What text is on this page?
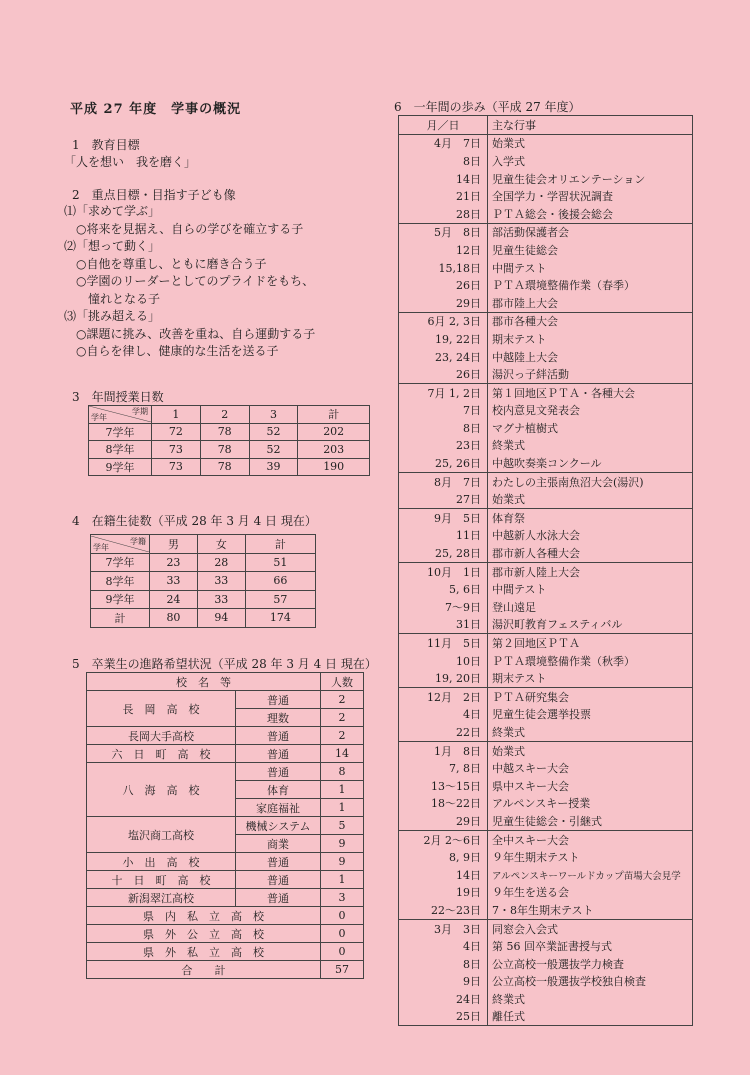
平成 27 年度　学事の概況
1　教育目標
「人を想い　我を磨く」
2　重点目標・目指す子ども像
⑴「求めて学ぶ」
　○将来を見据え、自らの学びを確立する子
⑵「想って動く」
　○自他を尊重し、ともに磨き合う子
　○学園のリーダーとしてのプライドをもち、
　　憧れとなる子
⑶「挑み超える」
　○課題に挑み、改善を重ね、自ら運動する子
　○自らを律し、健康的な生活を送る子
3　年間授業日数
学期
学年	1	2	3	計
7学年	72	78	52	202
8学年	73	78	52	203
9学年	73	78	39	190
4　在籍生徒数（平成 28 年 3 月 4 日 現在）
学籍
学年	男	女	計
7学年	23	28	51
8学年	33	33	66
9学年	24	33	57
計	80	94	174
5　卒業生の進路希望状況（平成 28 年 3 月 4 日 現在）
校　名　等		人数
長　岡　高　校	普通	2
	理数	2
長岡大手高校	普通	2
六　日　町　高　校	普通	14
八　海　高　校	普通	8
	体育	1
	家庭福祉	1
塩沢商工高校	機械システム	5
	商業	9
小　出　高　校	普通	9
十　日　町　高　校	普通	1
新潟翠江高校	普通	3
県　内　私　立　高　校		0
県　外　公　立　高　校		0
県　外　私　立　高　校		0
合　　計		57
6　一年間の歩み（平成 27 年度）
月／日	主な行事
4月　7日	始業式
8日	入学式
14日	児童生徒会オリエンテーション
21日	全国学力・学習状況調査
28日	ＰＴＡ総会・後援会総会
5月　8日	部活動保護者会
12日	児童生徒総会
15,18日	中間テスト
26日	ＰＴＡ環境整備作業（春季）
29日	郡市陸上大会
6月 2, 3日	郡市各種大会
19, 22日	期末テスト
23, 24日	中越陸上大会
26日	湯沢っ子絆活動
7月 1, 2日	第１回地区ＰＴＡ・各種大会
7日	校内意見文発表会
8日	マグナ植樹式
23日	終業式
25, 26日	中越吹奏楽コンクール
8月　7日	わたしの主張南魚沼大会(湯沢)
27日	始業式
9月　5日	体育祭
11日	中越新人水泳大会
25, 28日	郡市新人各種大会
10月　1日	郡市新人陸上大会
5, 6日	中間テスト
7～9日	登山遠足
31日	湯沢町教育フェスティバル
11月　5日	第２回地区ＰＴＡ
10日	ＰＴＡ環境整備作業（秋季）
19, 20日	期末テスト
12月　2日	ＰＴＡ研究集会
4日	児童生徒会選挙投票
22日	終業式
1月　8日	始業式
7, 8日	中越スキー大会
13～15日	県中スキー大会
18～22日	アルペンスキー授業
29日	児童生徒総会・引継式
2月 2～6日	全中スキー大会
8, 9日	９年生期末テスト
14日	アルペンスキーワールドカップ苗場大会見学
19日	９年生を送る会
22～23日	7・8年生期末テスト
3月　3日	同窓会入会式
4日	第 56 回卒業証書授与式
8日	公立高校一般選抜学力検査
9日	公立高校一般選抜学校独自検査
24日	終業式
25日	離任式
